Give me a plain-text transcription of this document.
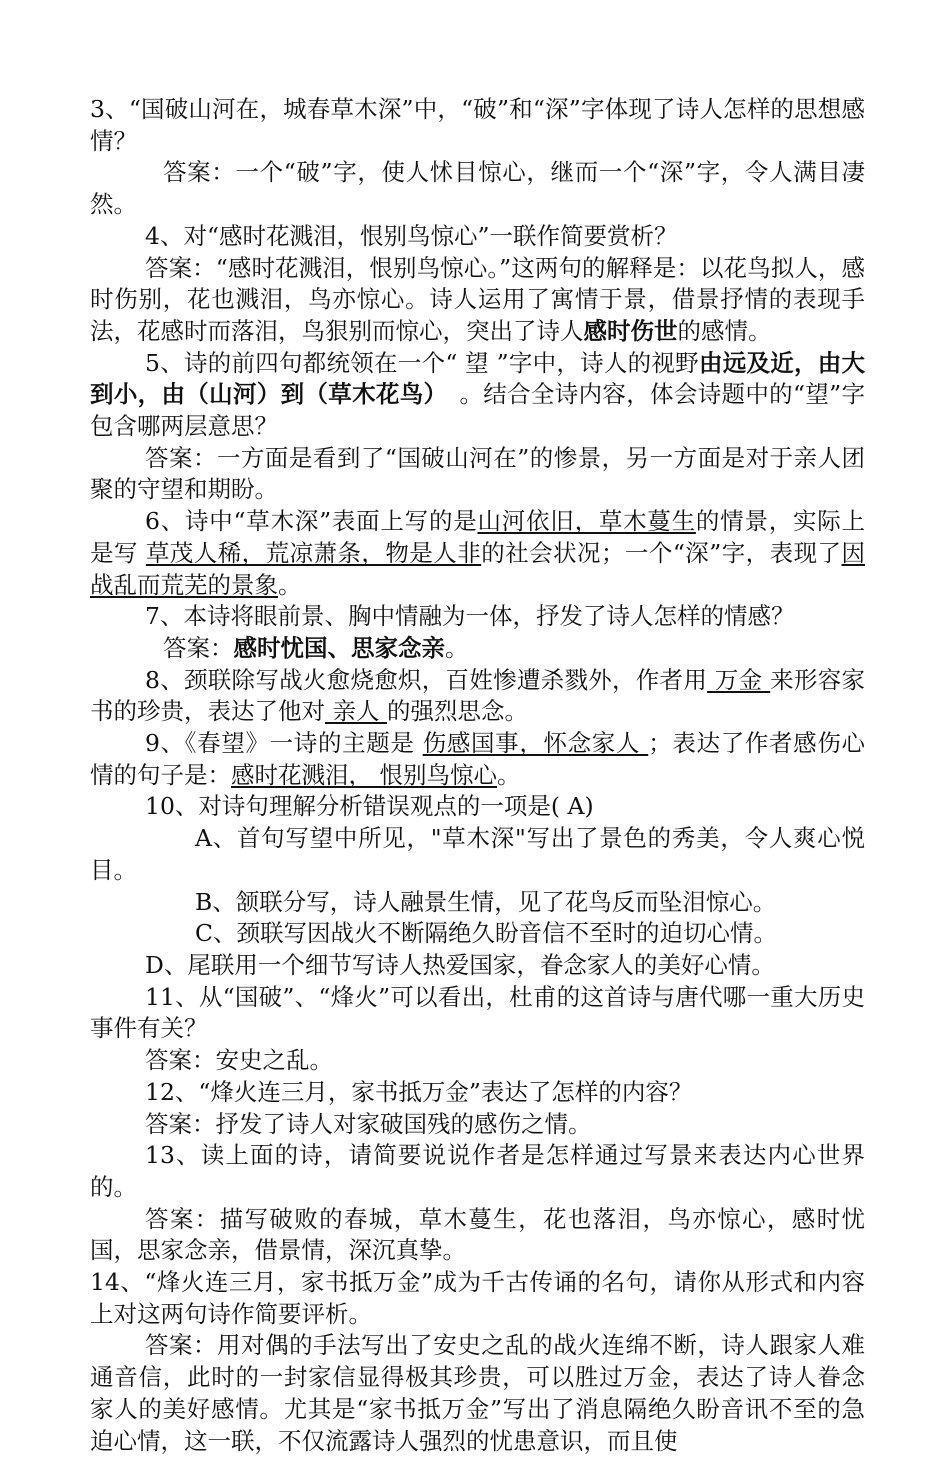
3、“国破山河在，城春草木深”中，“破”和“深”字体现了诗人怎样的思想感情？

答案：一个“破”字，使人怵目惊心，继而一个“深”字，令人满目凄然。

4、对“感时花溅泪，恨别鸟惊心”一联作简要赏析？

答案：“感时花溅泪，恨别鸟惊心。”这两句的解释是：以花鸟拟人，感时伤别，花也溅泪，鸟亦惊心。诗人运用了寓情于景，借景抒情的表现手法，花感时而落泪，鸟狠别而惊心，突出了诗人感时伤世的感情。

5、诗的前四句都统领在一个“ 望 ”字中，诗人的视野由远及近，由大到小，由（山河）到（草木花鸟）　。结合全诗内容，体会诗题中的“望”字包含哪两层意思？

答案：一方面是看到了“国破山河在”的惨景，另一方面是对于亲人团聚的守望和期盼。

6、诗中“草木深”表面上写的是山河依旧，草木蔓生的情景，实际上是写 草茂人稀，荒凉萧条，物是人非的社会状况；一个“深”字，表现了因战乱而荒芜的景象。

7、本诗将眼前景、胸中情融为一体，抒发了诗人怎样的情感？

答案：感时忧国、思家念亲。

8、颈联除写战火愈烧愈炽，百姓惨遭杀戮外，作者用 万金 来形容家书的珍贵，表达了他对 亲人 的强烈思念。

9、《春望》一诗的主题是 伤感国事，怀念家人 ；表达了作者感伤心情的句子是：感时花溅泪， 恨别鸟惊心。

10、对诗句理解分析错误观点的一项是( A)

A、首句写望中所见，"草木深"写出了景色的秀美，令人爽心悦目。

B、颔联分写，诗人融景生情，见了花鸟反而坠泪惊心。

C、颈联写因战火不断隔绝久盼音信不至时的迫切心情。

D、尾联用一个细节写诗人热爱国家，眷念家人的美好心情。

11、从“国破”、“烽火”可以看出，杜甫的这首诗与唐代哪一重大历史事件有关？

答案：安史之乱。

12、“烽火连三月，家书抵万金”表达了怎样的内容？

答案：抒发了诗人对家破国残的感伤之情。

13、读上面的诗，请简要说说作者是怎样通过写景来表达内心世界的。

答案：描写破败的春城，草木蔓生，花也落泪，鸟亦惊心，感时忧国，思家念亲，借景情，深沉真挚。

14、“烽火连三月，家书抵万金”成为千古传诵的名句，请你从形式和内容上对这两句诗作简要评析。

答案：用对偶的手法写出了安史之乱的战火连绵不断，诗人跟家人难通音信，此时的一封家信显得极其珍贵，可以胜过万金，表达了诗人眷念家人的美好感情。尤其是“家书抵万金”写出了消息隔绝久盼音讯不至的急迫心情，这一联，不仅流露诗人强烈的忧患意识，而且使
